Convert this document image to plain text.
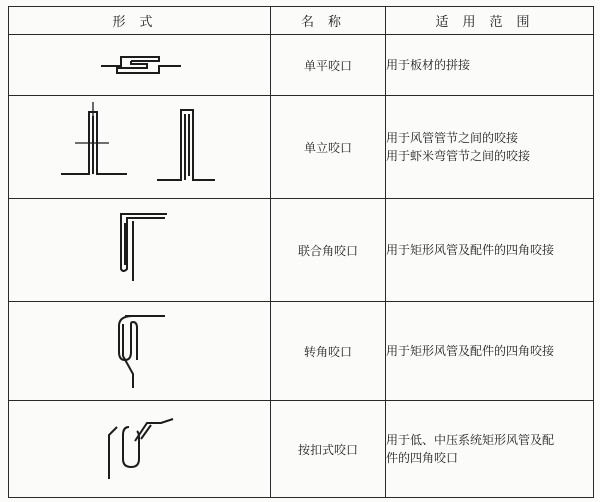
形式	名称	适用范围

	单平咬口	用于板材的拼接

	单立咬口	用于风管管节之间的咬接
用于虾米弯管节之间的咬接

	联合角咬口	用于矩形风管及配件的四角咬接

	转角咬口	用于矩形风管及配件的四角咬接

	按扣式咬口	用于低、中压系统矩形风管及配
件的四角咬口
